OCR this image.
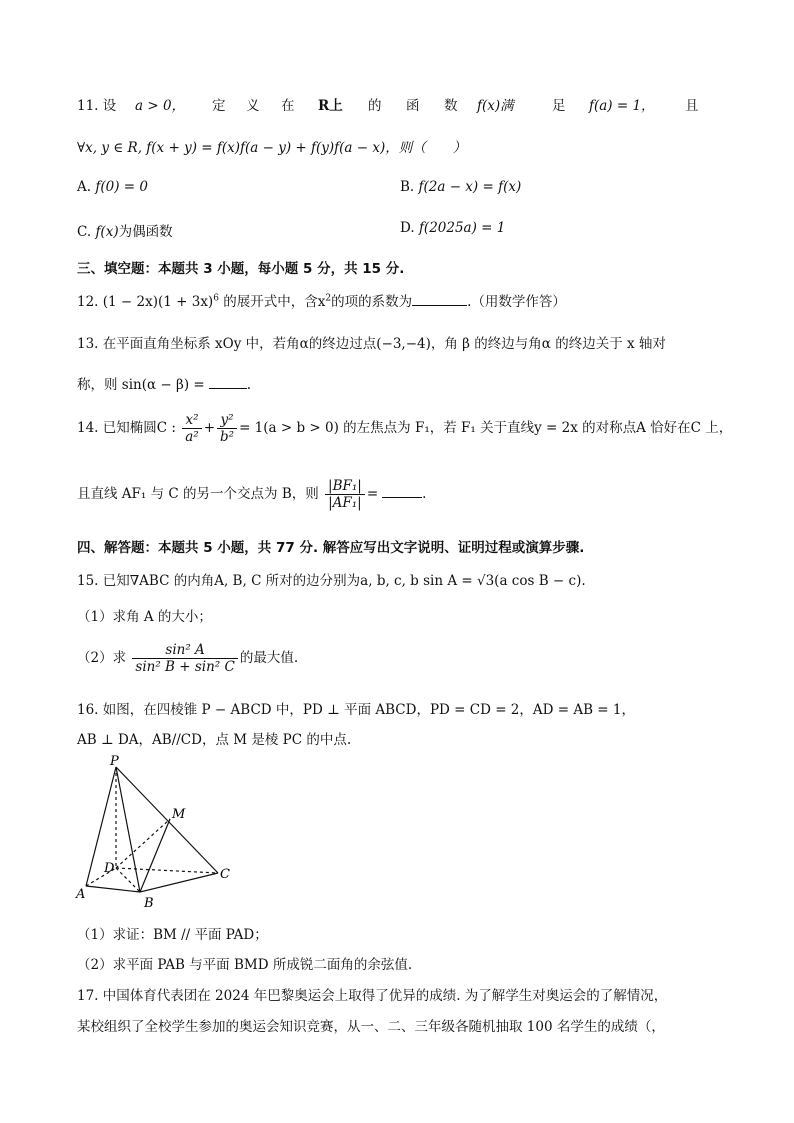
11. 设 a > 0， 定 义 在 R上 的 函 数 f(x)满	足 f(a) = 1， 且
∀x, y ∈ R, f(x + y) = f(x)f(a − y) + f(y)f(a − x)，则（　　）
A. f(0) = 0	B. f(2a − x) = f(x)
C. f(x)为偶函数	D. f(2025a) = 1
三、填空题：本题共 3 小题，每小题 5 分，共 15 分.
12. $(1 - 2x)(1 + 3x)^6$ 的展开式中，含$x^2$的项的系数为	.（用数学作答）
13. 在平面直角坐标系 xOy 中，若角α的终边过点(−3,−4)，角 β 的终边与角α 的终边关于 x 轴对
称，则 sin(α − β) =	.
14. 已知椭圆C : $\frac{\text{x²}}{\text{a²}} + \frac{\text{y²}}{\text{b²}} = 1(a > b > 0)$ 的左焦点为 F₁，若 F₁ 关于直线y = 2x 的对称点A 恰好在C 上，
且直线 AF₁ 与 C 的另一个交点为 B，则 $\frac{\text{|BF₁|}}{\text{|AF₁|}}$ =	.
四、解答题：本题共 5 小题，共 77 分. 解答应写出文字说明、证明过程或演算步骤.
15. 已知∇ABC 的内角A, B, C 所对的边分别为a, b, c, b sin A = √3(a cos B − c).
（1）求角 A 的大小；
（2）求 $\frac{\text{sin² A}}{\text{sin² B + sin² C}}$ 的最大值.
16. 如图，在四棱锥 P − ABCD 中，PD ⊥ 平面 ABCD，PD = CD = 2，AD = AB = 1，
AB ⊥ DA，AB//CD，点 M 是棱 PC 的中点.
P
M
D
A
B
C
（1）求证：BM // 平面 PAD；
（2）求平面 PAB 与平面 BMD 所成锐二面角的余弦值.
17. 中国体育代表团在 2024 年巴黎奥运会上取得了优异的成绩. 为了解学生对奥运会的了解情况，
某校组织了全校学生参加的奥运会知识竞赛，从一、二、三年级各随机抽取 100 名学生的成绩（，
